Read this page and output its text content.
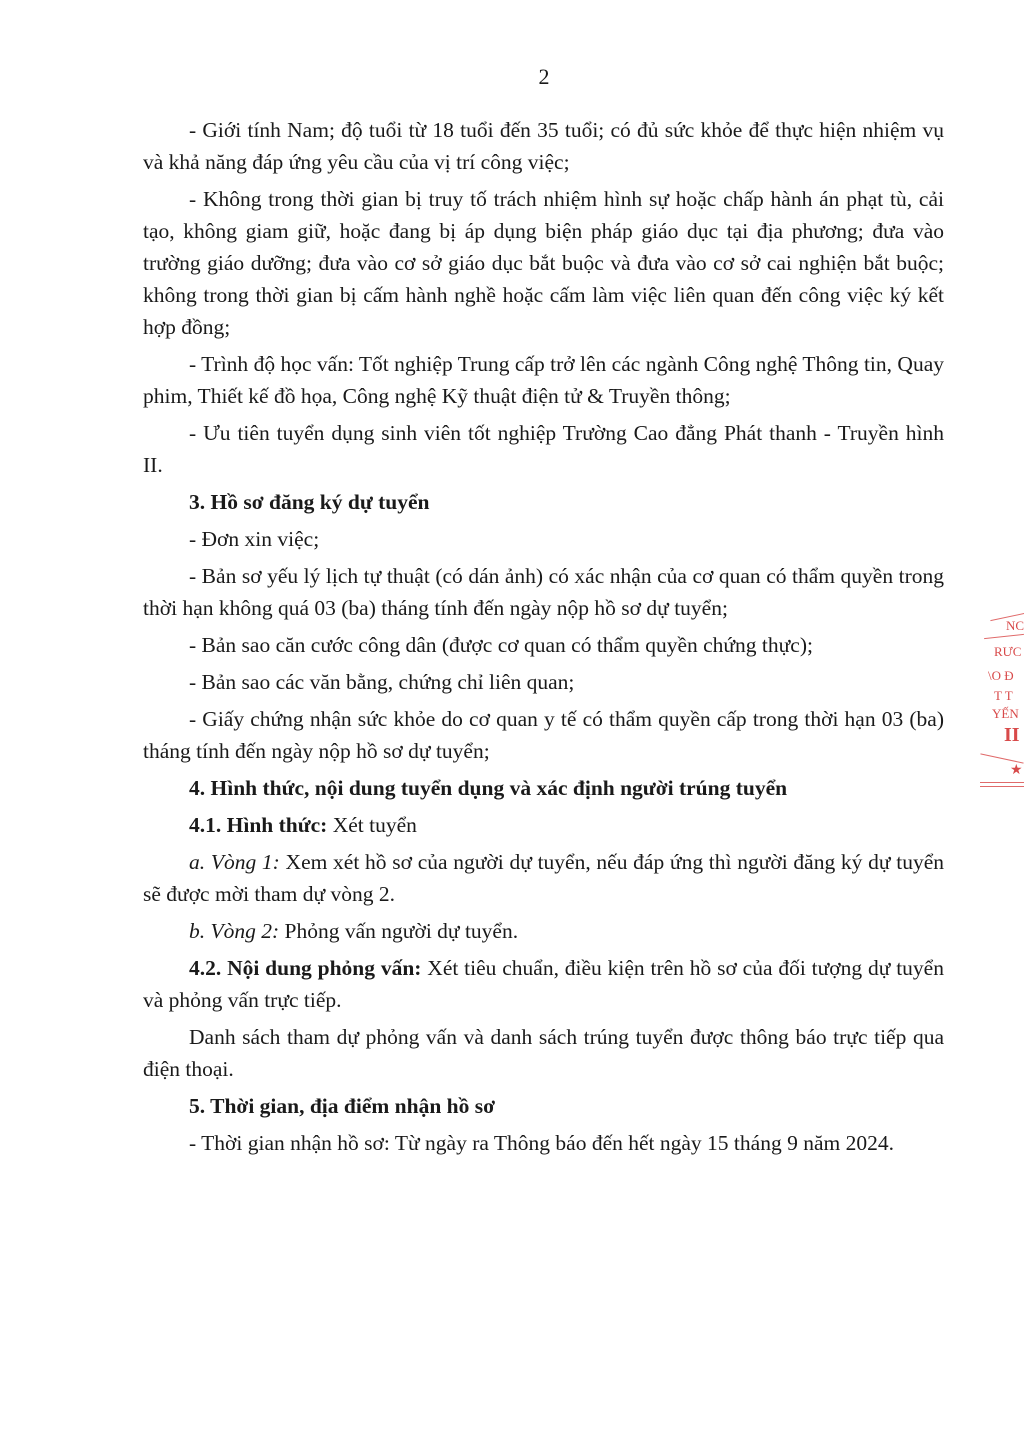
2

- Giới tính Nam; độ tuổi từ 18 tuổi đến 35 tuổi; có đủ sức khỏe để thực hiện nhiệm vụ và khả năng đáp ứng yêu cầu của vị trí công việc;

- Không trong thời gian bị truy tố trách nhiệm hình sự hoặc chấp hành án phạt tù, cải tạo, không giam giữ, hoặc đang bị áp dụng biện pháp giáo dục tại địa phương; đưa vào trường giáo dưỡng; đưa vào cơ sở giáo dục bắt buộc và đưa vào cơ sở cai nghiện bắt buộc; không trong thời gian bị cấm hành nghề hoặc cấm làm việc liên quan đến công việc ký kết hợp đồng;

- Trình độ học vấn: Tốt nghiệp Trung cấp trở lên các ngành Công nghệ Thông tin, Quay phim, Thiết kế đồ họa, Công nghệ Kỹ thuật điện tử & Truyền thông;

- Ưu tiên tuyển dụng sinh viên tốt nghiệp Trường Cao đẳng Phát thanh - Truyền hình II.

3. Hồ sơ đăng ký dự tuyển

- Đơn xin việc;

- Bản sơ yếu lý lịch tự thuật (có dán ảnh) có xác nhận của cơ quan có thẩm quyền trong thời hạn không quá 03 (ba) tháng tính đến ngày nộp hồ sơ dự tuyển;

- Bản sao căn cước công dân (được cơ quan có thẩm quyền chứng thực);

- Bản sao các văn bằng, chứng chỉ liên quan;

- Giấy chứng nhận sức khỏe do cơ quan y tế có thẩm quyền cấp trong thời hạn 03 (ba) tháng tính đến ngày nộp hồ sơ dự tuyển;

4. Hình thức, nội dung tuyển dụng và xác định người trúng tuyển

4.1. Hình thức: Xét tuyển

a. Vòng 1: Xem xét hồ sơ của người dự tuyển, nếu đáp ứng thì người đăng ký dự tuyển sẽ được mời tham dự vòng 2.

b. Vòng 2: Phỏng vấn người dự tuyển.

4.2. Nội dung phỏng vấn: Xét tiêu chuẩn, điều kiện trên hồ sơ của đối tượng dự tuyển và phỏng vấn trực tiếp.

Danh sách tham dự phỏng vấn và danh sách trúng tuyển được thông báo trực tiếp qua điện thoại.

5. Thời gian, địa điểm nhận hồ sơ

- Thời gian nhận hồ sơ: Từ ngày ra Thông báo đến hết ngày 15 tháng 9 năm 2024.

NC
RƯC
\O Đ
T T
YẾN
II
★
